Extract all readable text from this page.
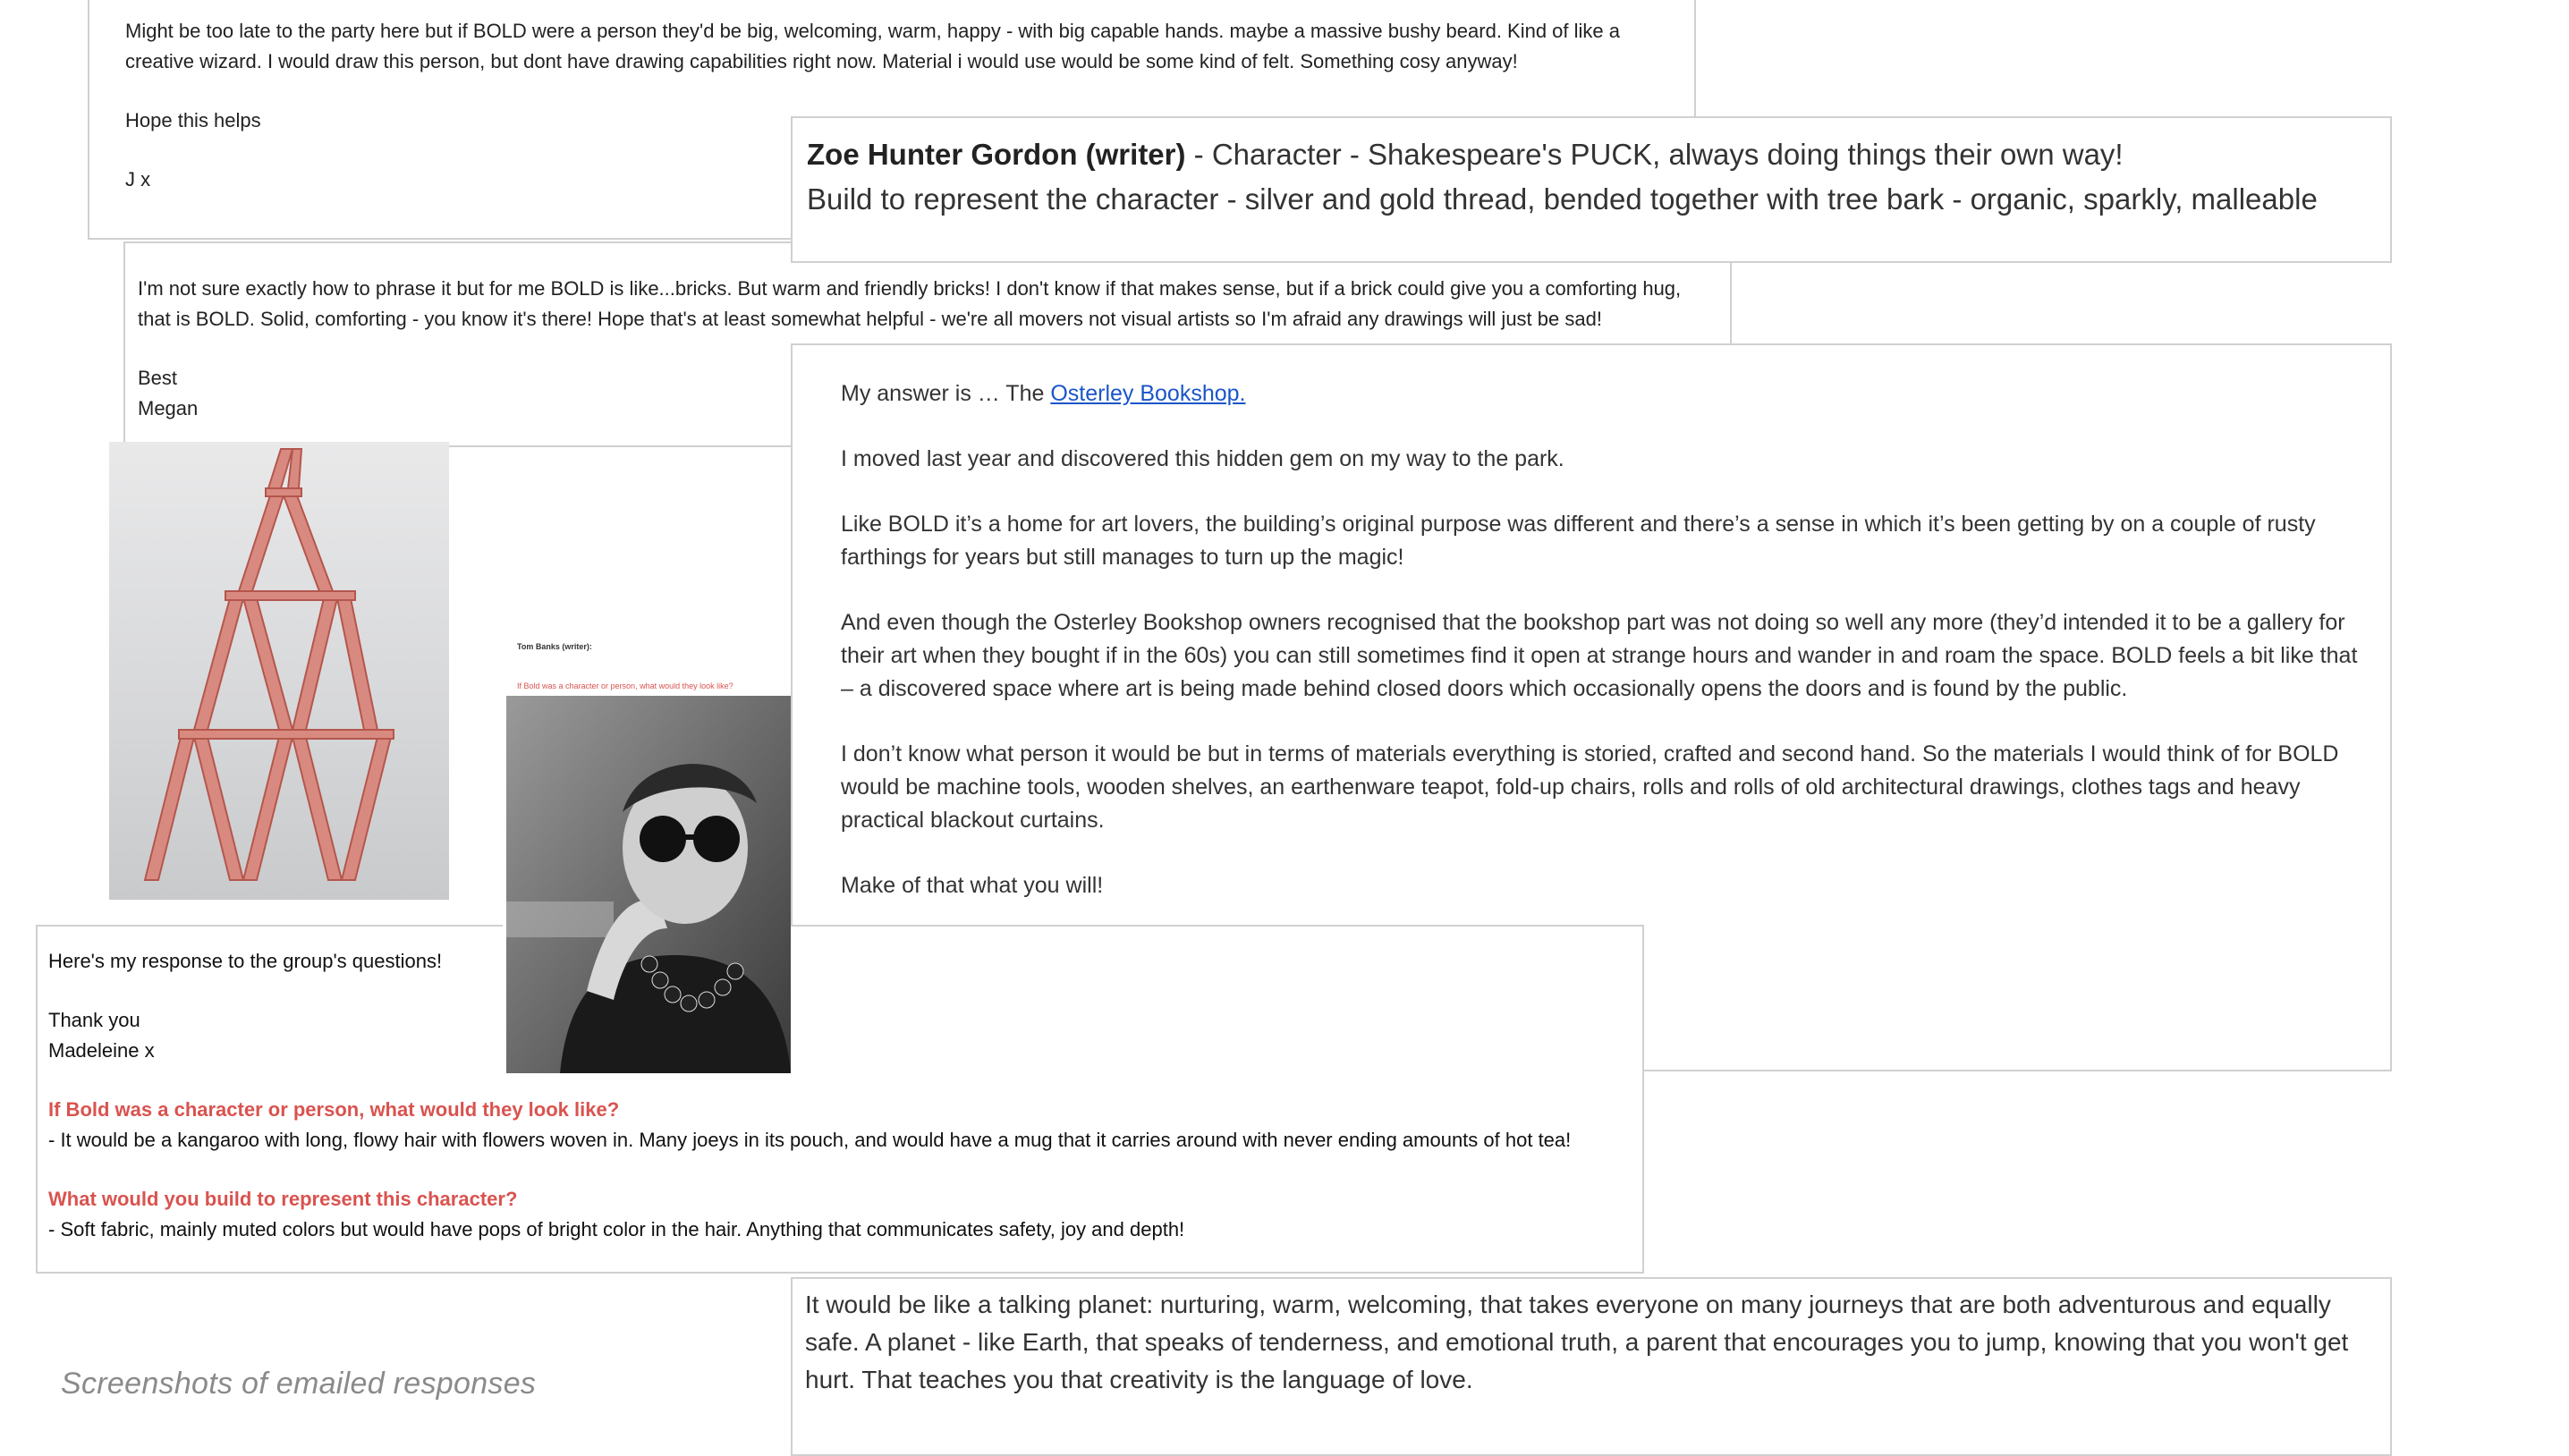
Might be too late to the party here but if BOLD were a person they'd be big, welcoming, warm, happy - with big capable hands. maybe a massive bushy beard. Kind of like a creative wizard. I would draw this person, but dont have drawing capabilities right now. Material i would use would be some kind of felt. Something cosy anyway!

Hope this helps

J x

I'm not sure exactly how to phrase it but for me BOLD is like...bricks. But warm and friendly bricks! I don't know if that makes sense, but if a brick could give you a comforting hug, that is BOLD. Solid, comforting - you know it's there! Hope that's at least somewhat helpful - we're all movers not visual artists so I'm afraid any drawings will just be sad!

Best

Megan

Zoe Hunter Gordon (writer) - Character - Shakespeare's PUCK, always doing things their own way!
Build to represent the character - silver and gold thread, bended together with tree bark - organic, sparkly, malleable

My answer is … The Osterley Bookshop.

I moved last year and discovered this hidden gem on my way to the park.

Like BOLD it’s a home for art lovers, the building’s original purpose was different and there’s a sense in which it’s been getting by on a couple of rusty farthings for years but still manages to turn up the magic!

And even though the Osterley Bookshop owners recognised that the bookshop part was not doing so well any more (they’d intended it to be a gallery for their art when they bought if in the 60s) you can still sometimes find it open at strange hours and wander in and roam the space. BOLD feels a bit like that – a discovered space where art is being made behind closed doors which occasionally opens the doors and is found by the public.

I don’t know what person it would be but in terms of materials everything is storied, crafted and second hand. So the materials I would think of for BOLD would be machine tools, wooden shelves, an earthenware teapot, fold-up chairs, rolls and rolls of old architectural drawings, clothes tags and heavy practical blackout curtains.

Make of that what you will!

Here's my response to the group's questions!

Thank you

Madeleine x

If Bold was a character or person, what would they look like?

- It would be a kangaroo with long, flowy hair with flowers woven in. Many joeys in its pouch, and would have a mug that it carries around with never ending amounts of hot tea!

What would you build to represent this character?

- Soft fabric, mainly muted colors but would have pops of bright color in the hair. Anything that communicates safety, joy and depth!

Tom Banks (writer):
If Bold was a character or person, what would they look like?

It would be like a talking planet: nurturing, warm, welcoming, that takes everyone on many journeys that are both adventurous and equally safe. A planet - like Earth, that speaks of tenderness, and emotional truth, a parent that encourages you to jump, knowing that you won't get hurt. That teaches you that creativity is the language of love.

Screenshots of emailed responses
